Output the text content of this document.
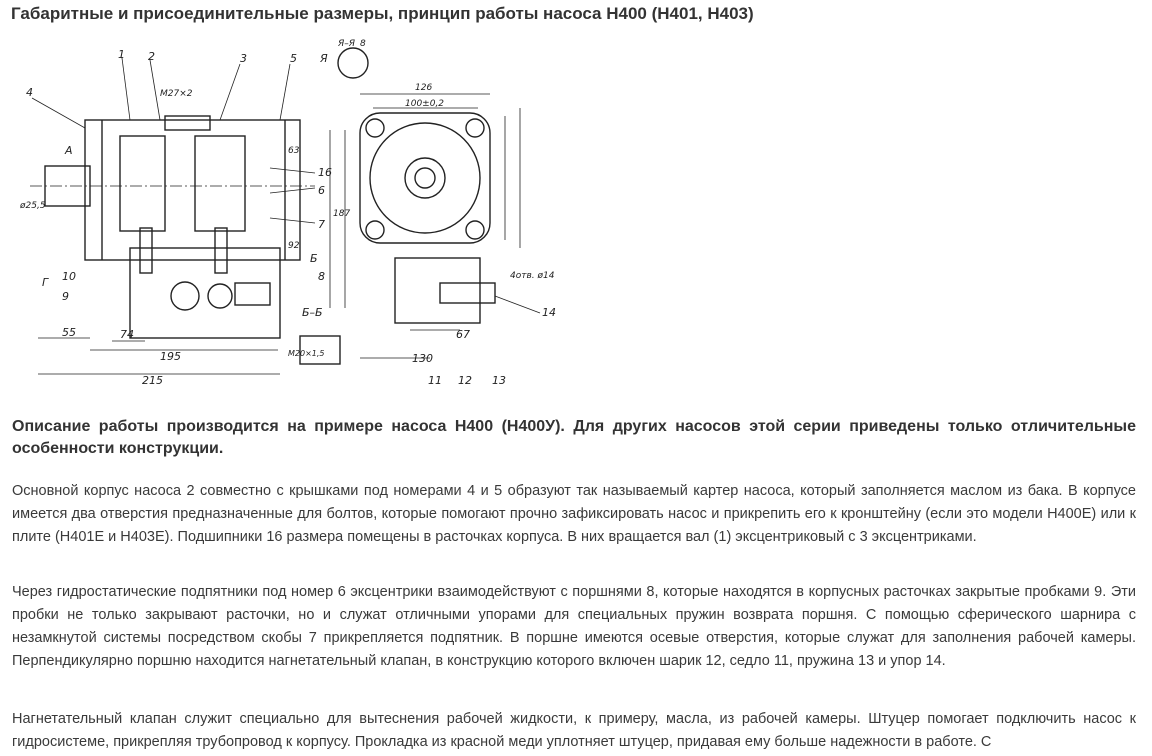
Габаритные и присоединительные размеры, принцип работы насоса Н400 (Н401, Н403)
1 2	3
4
5
М27×2
Я–Я
Я
8
126
100±0,2
ø25,5
A
Г 10
9
55	74
195
215
63
187
92
16
6
7
8
Б
Б–Б
М20×1,5	130
67
11 12 13
14
4отв. ø14
Описание работы производится на примере насоса Н400 (Н400У). Для других насосов этой серии приведены только отличительные особенности конструкции.
Основной корпус насоса 2 совместно с крышками под номерами 4 и 5 образуют так называемый картер насоса, который заполняется маслом из бака. В корпусе имеется два отверстия предназначенные для болтов, которые помогают прочно зафиксировать насос и прикрепить его к кронштейну (если это модели Н400Е) или к плите (Н401Е и Н403Е). Подшипники 16 размера помещены в расточках корпуса. В них вращается вал (1) эксцентриковый с 3 эксцентриками.
Через гидростатические подпятники под номер 6 эксцентрики взаимодействуют с поршнями 8, которые находятся в корпусных расточках закрытые пробками 9. Эти пробки не только закрывают расточки, но и служат отличными упорами для специальных пружин возврата поршня. С помощью сферического шарнира с незамкнутой системы посредством скобы 7 прикрепляется подпятник. В поршне имеются осевые отверстия, которые служат для заполнения рабочей камеры. Перпендикулярно поршню находится нагнетательный клапан, в конструкцию которого включен шарик 12, седло 11, пружина 13 и упор 14.
Нагнетательный клапан служит специально для вытеснения рабочей жидкости, к примеру, масла, из рабочей камеры. Штуцер помогает подключить насос к гидросистеме, прикрепляя трубопровод к корпусу. Прокладка из красной меди уплотняет штуцер, придавая ему больше надежности в работе. С
